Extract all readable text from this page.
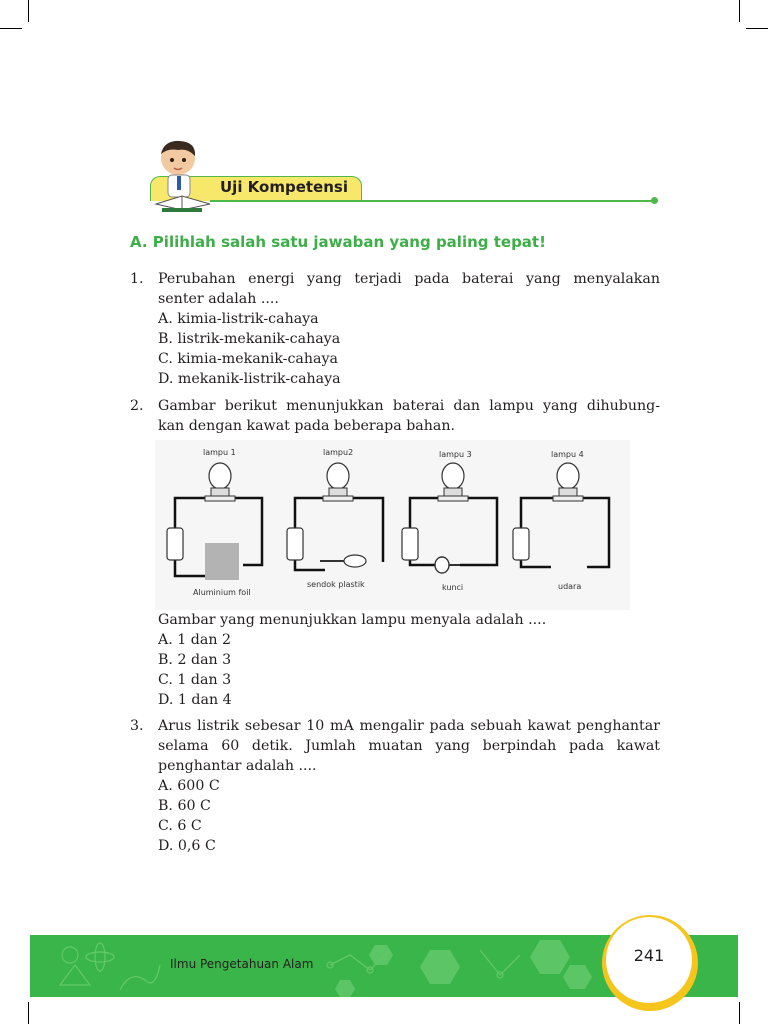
Uji Kompetensi
A. Pilihlah salah satu jawaban yang paling tepat!
1. Perubahan energi yang terjadi pada baterai yang menyalakan
senter adalah ....
A. kimia-listrik-cahaya
B. listrik-mekanik-cahaya
C. kimia-mekanik-cahaya
D. mekanik-listrik-cahaya
2. Gambar berikut menunjukkan baterai dan lampu yang dihubung-
kan dengan kawat pada beberapa bahan.
lampu 1
Aluminium foil
lampu2
sendok plastik
lampu 3
kunci
lampu 4
udara
Gambar yang menunjukkan lampu menyala adalah ....
A. 1 dan 2
B. 2 dan 3
C. 1 dan 3
D. 1 dan 4
3. Arus listrik sebesar 10 mA mengalir pada sebuah kawat penghantar
selama 60 detik. Jumlah muatan yang berpindah pada kawat
penghantar adalah ....
A. 600 C
B. 60 C
C. 6 C
D. 0,6 C
Ilmu Pengetahuan Alam	241
